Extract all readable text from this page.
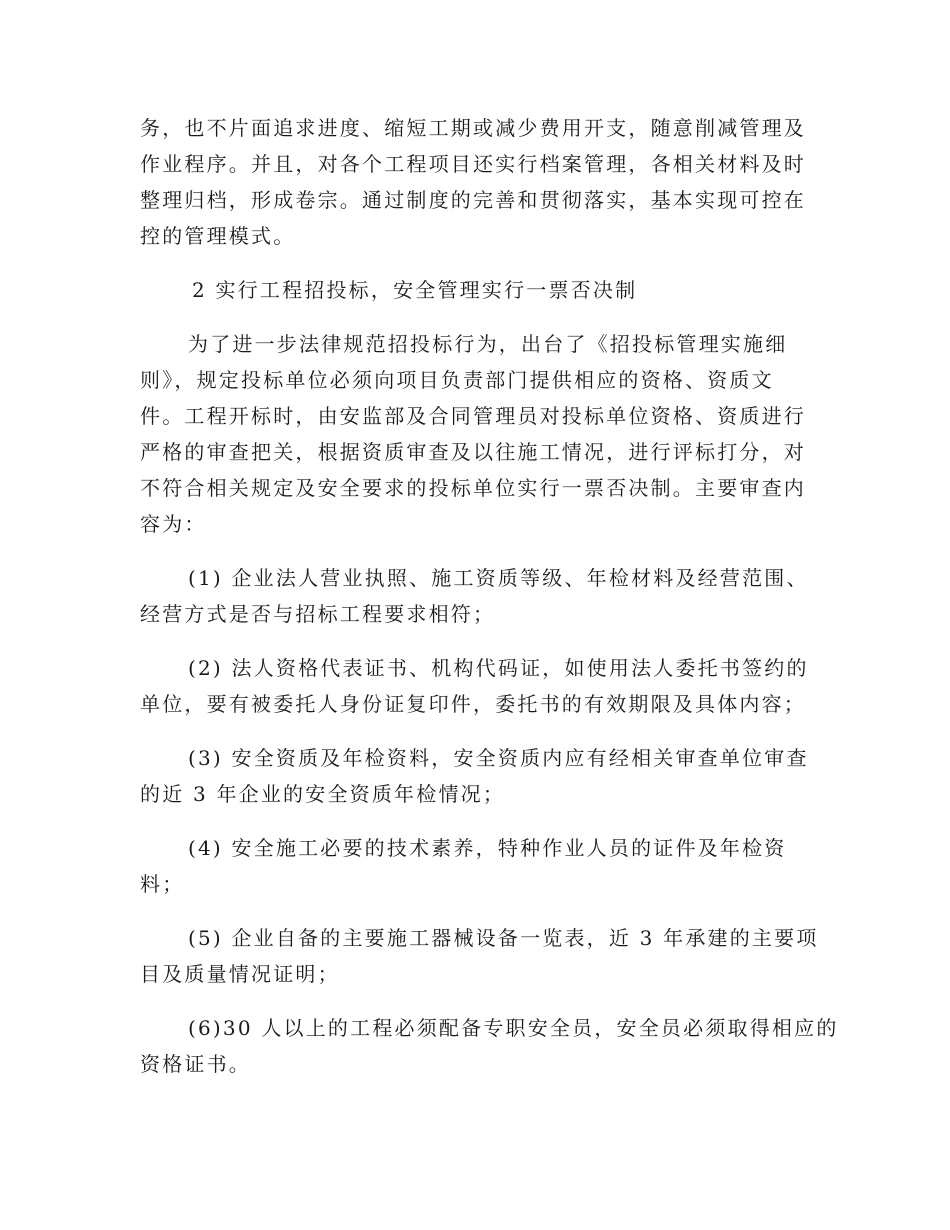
务，也不片面追求进度、缩短工期或减少费用开支，随意削减管理及
作业程序。并且，对各个工程项目还实行档案管理，各相关材料及时
整理归档，形成卷宗。通过制度的完善和贯彻落实，基本实现可控在
控的管理模式。
2 实行工程招投标，安全管理实行一票否决制
为了进一步法律规范招投标行为，出台了《招投标管理实施细
则》，规定投标单位必须向项目负责部门提供相应的资格、资质文
件。工程开标时，由安监部及合同管理员对投标单位资格、资质进行
严格的审查把关，根据资质审查及以往施工情况，进行评标打分，对
不符合相关规定及安全要求的投标单位实行一票否决制。主要审查内
容为：
(1) 企业法人营业执照、施工资质等级、年检材料及经营范围、
经营方式是否与招标工程要求相符；
(2) 法人资格代表证书、机构代码证，如使用法人委托书签约的
单位，要有被委托人身份证复印件，委托书的有效期限及具体内容；
(3) 安全资质及年检资料，安全资质内应有经相关审查单位审查
的近 3 年企业的安全资质年检情况；
(4) 安全施工必要的技术素养，特种作业人员的证件及年检资
料；
(5) 企业自备的主要施工器械设备一览表，近 3 年承建的主要项
目及质量情况证明；
(6)30 人以上的工程必须配备专职安全员，安全员必须取得相应的
资格证书。
